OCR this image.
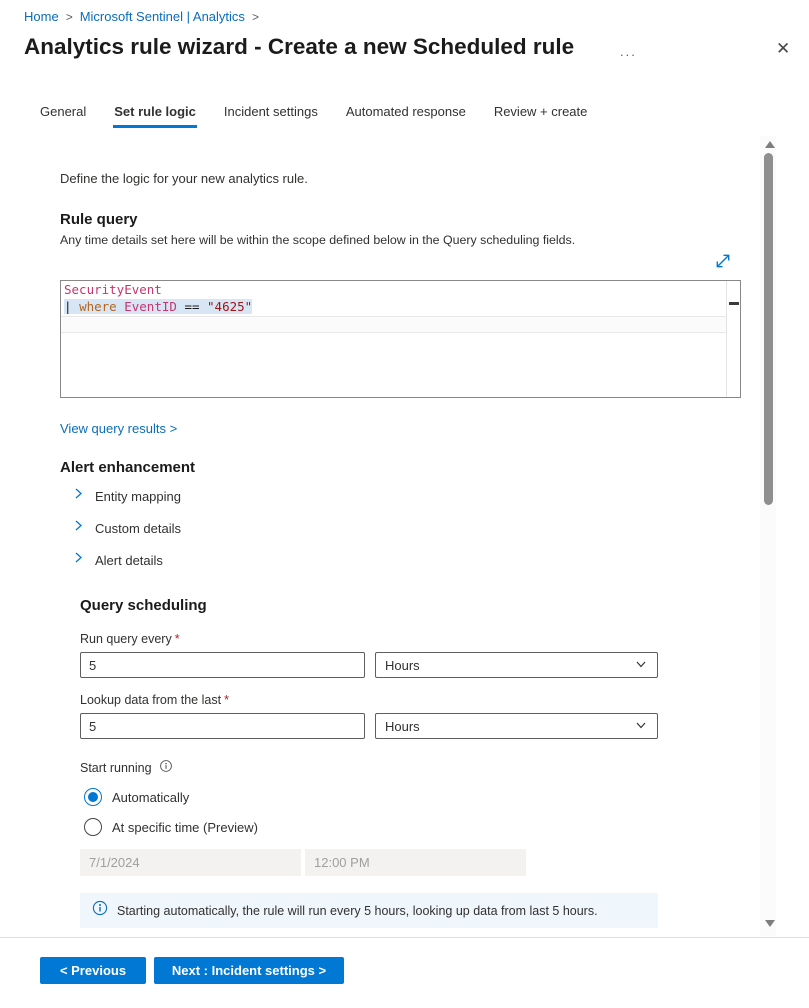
Home > Microsoft Sentinel | Analytics >
Analytics rule wizard - Create a new Scheduled rule	...	✕
General Set rule logic Incident settings Automated response Review + create
Define the logic for your new analytics rule.
Rule query
Any time details set here will be within the scope defined below in the Query scheduling fields.
SecurityEvent
| where EventID == "4625"
View query results >
Alert enhancement
Entity mapping
Custom details
Alert details
Query scheduling
Run query every *
5
Hours
Lookup data from the last *
5
Hours
Start running
Automatically
At specific time (Preview)
7/1/2024
12:00 PM
Starting automatically, the rule will run every 5 hours, looking up data from last 5 hours.
< Previous	Next : Incident settings >
